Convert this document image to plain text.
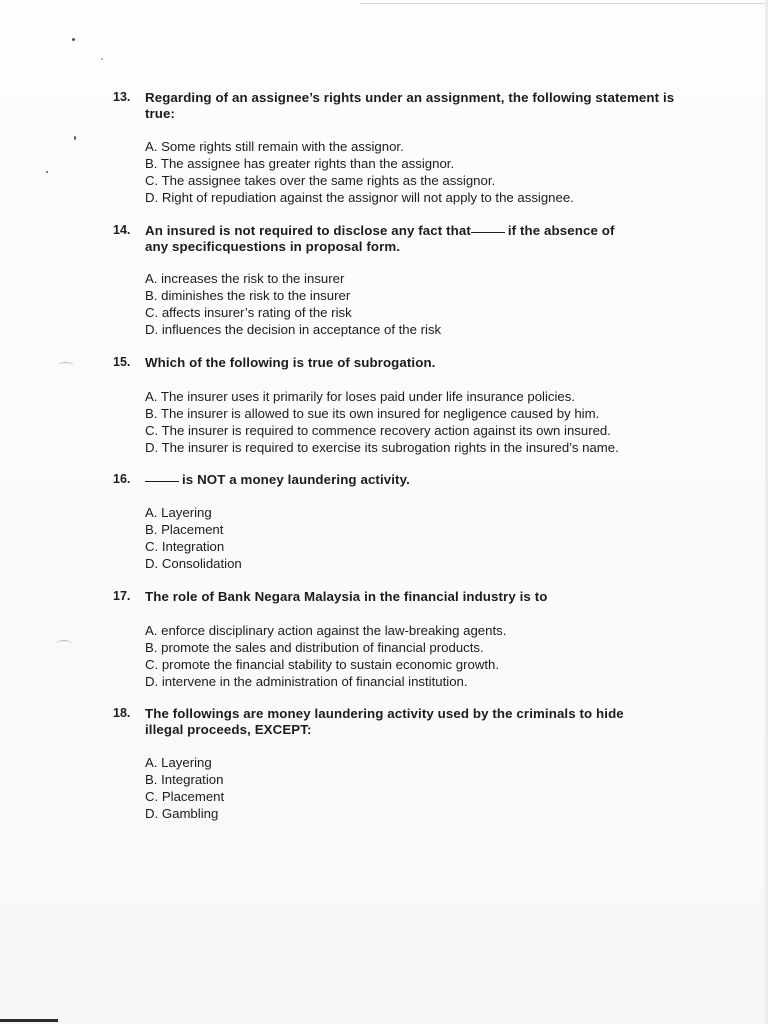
13. Regarding of an assignee’s rights under an assignment, the following statement is true:
A. Some rights still remain with the assignor.
B. The assignee has greater rights than the assignor.
C. The assignee takes over the same rights as the assignor.
D. Right of repudiation against the assignor will not apply to the assignee.
14. An insured is not required to disclose any fact that	if the absence of any specificquestions in proposal form.
A. increases the risk to the insurer
B. diminishes the risk to the insurer
C. affects insurer’s rating of the risk
D. influences the decision in acceptance of the risk
15. Which of the following is true of subrogation.
A. The insurer uses it primarily for loses paid under life insurance policies.
B. The insurer is allowed to sue its own insured for negligence caused by him.
C. The insurer is required to commence recovery action against its own insured.
D. The insurer is required to exercise its subrogation rights in the insured’s name.
16.	is NOT a money laundering activity.
A. Layering
B. Placement
C. Integration
D. Consolidation
17. The role of Bank Negara Malaysia in the financial industry is to
A. enforce disciplinary action against the law-breaking agents.
B. promote the sales and distribution of financial products.
C. promote the financial stability to sustain economic growth.
D. intervene in the administration of financial institution.
18. The followings are money laundering activity used by the criminals to hide illegal proceeds, EXCEPT:
A. Layering
B. Integration
C. Placement
D. Gambling
